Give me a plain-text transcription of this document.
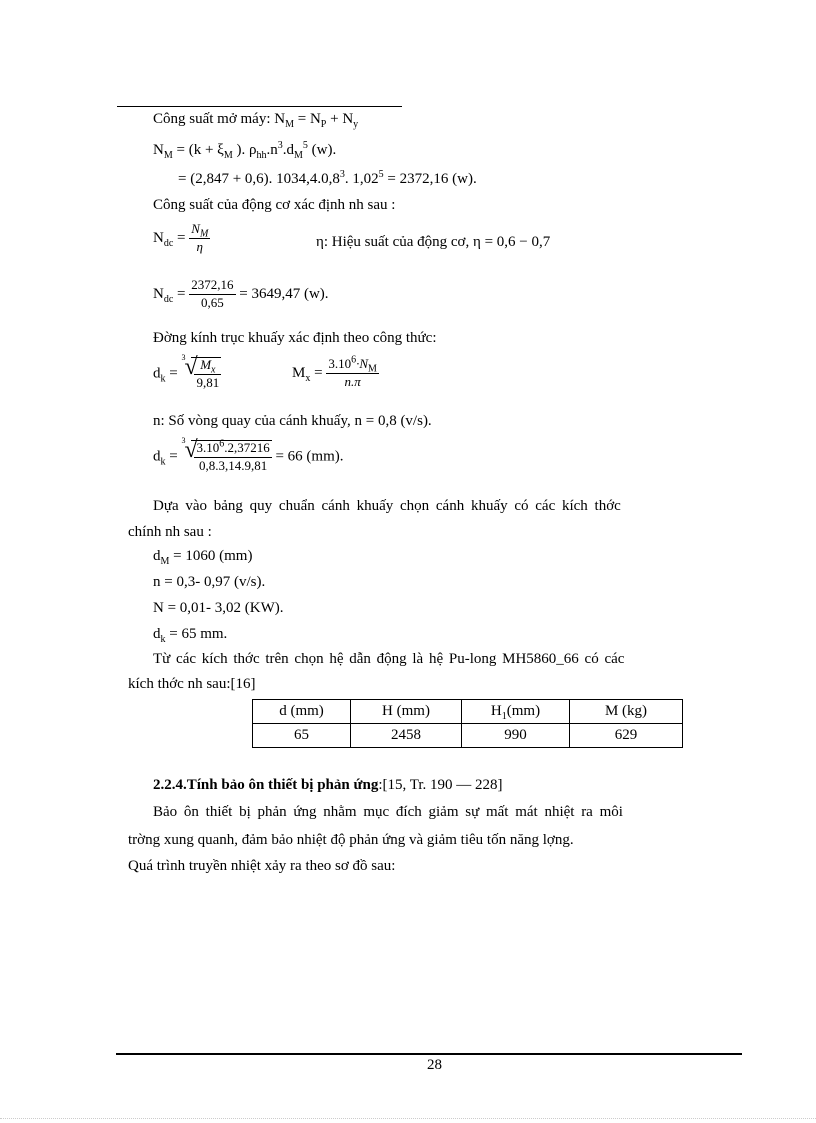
Công suất mở máy: $N_M = N_P + N_y$
$N_M = (k + \xi_M$ ). $\rho_{hh}.n^3.d_M^5$ (w).
= (2,847 + 0,6). 1034,4.0,8$^3$. $1,02^5 = 2372,16$ (w).
Công suất của động cơ xác định nh sau :
$N_{dc} = \frac{N_M}{\eta}$	η: Hiệu suất của động cơ, η = 0,6 − 0,7
$N_{dc} = \frac{2372,16}{0,65} = 3649,47$ (w).
Đờng kính trục khuấy xác định theo công thức:
$d_k$ =
3 √
$\frac{M_x}{9,81}$	$M_x = \frac{3.10^6\cdot N_M}{n.\pi}$
n: Số vòng quay của cánh khuấy, n = 0,8 (v/s).
$d_k$ =
3 √
$\frac{3.10^6.2,37216}{0,8.3,14.9,81} = 66$ (mm).
Dựa vào bảng quy chuẩn cánh khuấy chọn cánh khuấy có các kích thớc
chính nh sau :
$d_M = 1060$ (mm)
n = 0,3- 0,97 (v/s).
N = 0,01- 3,02 (KW).
$d_k = 65$ mm.
Từ các kích thớc trên chọn hệ dẫn động là hệ Pu-long MH5860_66 có các
kích thớc nh sau:[16]
d (mm)	H (mm)	$H_1(mm)$	M (kg)
65	2458	990	629
2.2.4.Tính bảo ôn thiết bị phản ứng:[15, Tr. 190 — 228]
Bảo ôn thiết bị phản ứng nhằm mục đích giảm sự mất mát nhiệt ra môi
trờng xung quanh, đảm bảo nhiệt độ phản ứng và giảm tiêu tốn năng lợng.
Quá trình truyền nhiệt xảy ra theo sơ đồ sau:
28
